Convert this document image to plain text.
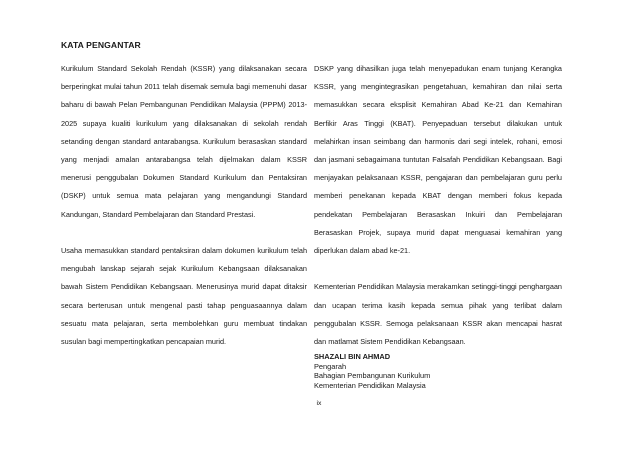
KATA PENGANTAR

Kurikulum Standard Sekolah Rendah (KSSR) yang dilaksanakan secara berperingkat mulai tahun 2011 telah disemak semula bagi memenuhi dasar baharu di bawah Pelan Pembangunan Pendidikan Malaysia (PPPM) 2013-2025 supaya kualiti kurikulum yang dilaksanakan di sekolah rendah setanding dengan standard antarabangsa. Kurikulum berasaskan standard yang menjadi amalan antarabangsa telah dijelmakan dalam KSSR menerusi penggubalan Dokumen Standard Kurikulum dan Pentaksiran (DSKP) untuk semua mata pelajaran yang mengandungi Standard Kandungan, Standard Pembelajaran dan Standard Prestasi.

Usaha memasukkan standard pentaksiran dalam dokumen kurikulum telah mengubah lanskap sejarah sejak Kurikulum Kebangsaan dilaksanakan bawah Sistem Pendidikan Kebangsaan. Menerusinya murid dapat ditaksir secara berterusan untuk mengenal pasti tahap penguasaannya dalam sesuatu mata pelajaran, serta membolehkan guru membuat tindakan susulan bagi mempertingkatkan pencapaian murid.

DSKP yang dihasilkan juga telah menyepadukan enam tunjang Kerangka KSSR, yang mengintegrasikan pengetahuan, kemahiran dan nilai serta memasukkan secara eksplisit Kemahiran Abad Ke-21 dan Kemahiran Berfikir Aras Tinggi (KBAT). Penyepaduan tersebut dilakukan untuk melahirkan insan seimbang dan harmonis dari segi intelek, rohani, emosi dan jasmani sebagaimana tuntutan Falsafah Pendidikan Kebangsaan. Bagi menjayakan pelaksanaan KSSR, pengajaran dan pembelajaran guru perlu memberi penekanan kepada KBAT dengan memberi fokus kepada pendekatan Pembelajaran Berasaskan Inkuiri dan Pembelajaran Berasaskan Projek, supaya murid dapat menguasai kemahiran yang diperlukan dalam abad ke-21.

Kementerian Pendidikan Malaysia merakamkan setinggi-tinggi penghargaan dan ucapan terima kasih kepada semua pihak yang terlibat dalam penggubalan KSSR. Semoga pelaksanaan KSSR akan mencapai hasrat dan matlamat Sistem Pendidikan Kebangsaan.

SHAZALI BIN AHMAD
Pengarah
Bahagian Pembangunan Kurikulum
Kementerian Pendidikan Malaysia
ix
